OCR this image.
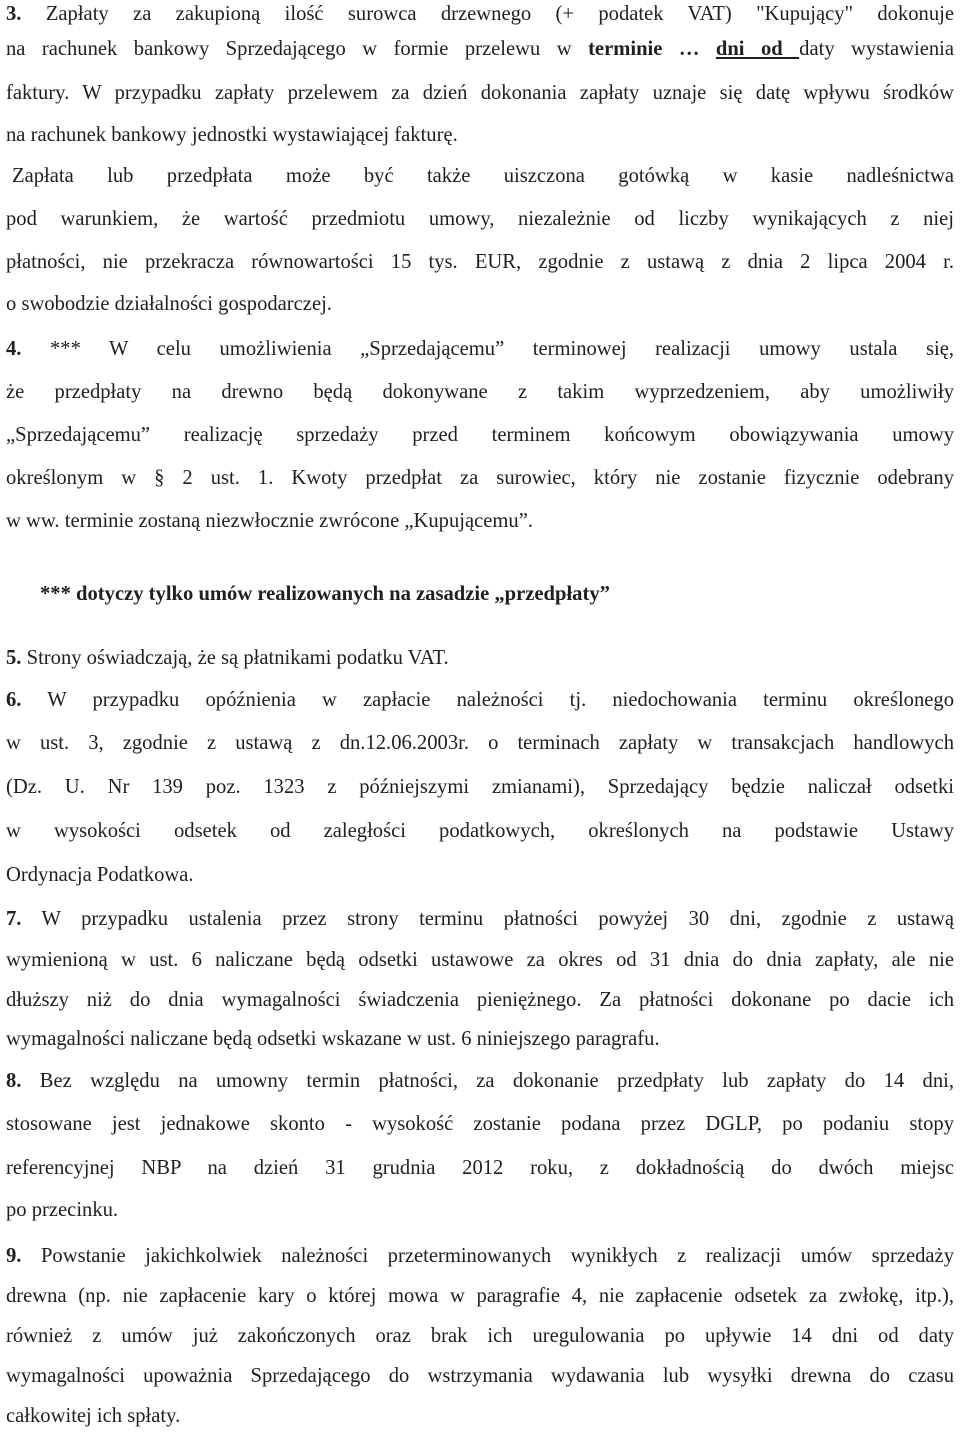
3. Zapłaty za zakupioną ilość surowca drzewnego (+ podatek VAT) "Kupujący" dokonuje
na rachunek bankowy Sprzedającego w formie przelewu w terminie … dni od daty wystawienia
faktury. W przypadku zapłaty przelewem za dzień dokonania zapłaty uznaje się datę wpływu środków
na rachunek bankowy jednostki wystawiającej fakturę.
Zapłata lub przedpłata może być także uiszczona gotówką w kasie nadleśnictwa
pod warunkiem, że wartość przedmiotu umowy, niezależnie od liczby wynikających z niej
płatności, nie przekracza równowartości 15 tys. EUR, zgodnie z ustawą z dnia 2 lipca 2004 r.
o swobodzie działalności gospodarczej.
4. *** W celu umożliwienia „Sprzedającemu” terminowej realizacji umowy ustala się,
że przedpłaty na drewno będą dokonywane z takim wyprzedzeniem, aby umożliwiły
„Sprzedającemu” realizację sprzedaży przed terminem końcowym obowiązywania umowy
określonym w § 2 ust. 1. Kwoty przedpłat za surowiec, który nie zostanie fizycznie odebrany
w ww. terminie zostaną niezwłocznie zwrócone „Kupującemu”.
*** dotyczy tylko umów realizowanych na zasadzie „przedpłaty”
5. Strony oświadczają, że są płatnikami podatku VAT.
6. W przypadku opóźnienia w zapłacie należności tj. niedochowania terminu określonego
w ust. 3, zgodnie z ustawą z dn.12.06.2003r. o terminach zapłaty w transakcjach handlowych
(Dz. U. Nr 139 poz. 1323 z późniejszymi zmianami), Sprzedający będzie naliczał odsetki
w wysokości odsetek od zaległości podatkowych, określonych na podstawie Ustawy
Ordynacja Podatkowa.
7. W przypadku ustalenia przez strony terminu płatności powyżej 30 dni, zgodnie z ustawą
wymienioną w ust. 6 naliczane będą odsetki ustawowe za okres od 31 dnia do dnia zapłaty, ale nie
dłuższy niż do dnia wymagalności świadczenia pieniężnego. Za płatności dokonane po dacie ich
wymagalności naliczane będą odsetki wskazane w ust. 6 niniejszego paragrafu.
8. Bez względu na umowny termin płatności, za dokonanie przedpłaty lub zapłaty do 14 dni,
stosowane jest jednakowe skonto - wysokość zostanie podana przez DGLP, po podaniu stopy
referencyjnej NBP na dzień 31 grudnia 2012 roku, z dokładnością do dwóch miejsc
po przecinku.
9. Powstanie jakichkolwiek należności przeterminowanych wynikłych z realizacji umów sprzedaży
drewna (np. nie zapłacenie kary o której mowa w paragrafie 4, nie zapłacenie odsetek za zwłokę, itp.),
również z umów już zakończonych oraz brak ich uregulowania po upływie 14 dni od daty
wymagalności upoważnia Sprzedającego do wstrzymania wydawania lub wysyłki drewna do czasu
całkowitej ich spłaty.
